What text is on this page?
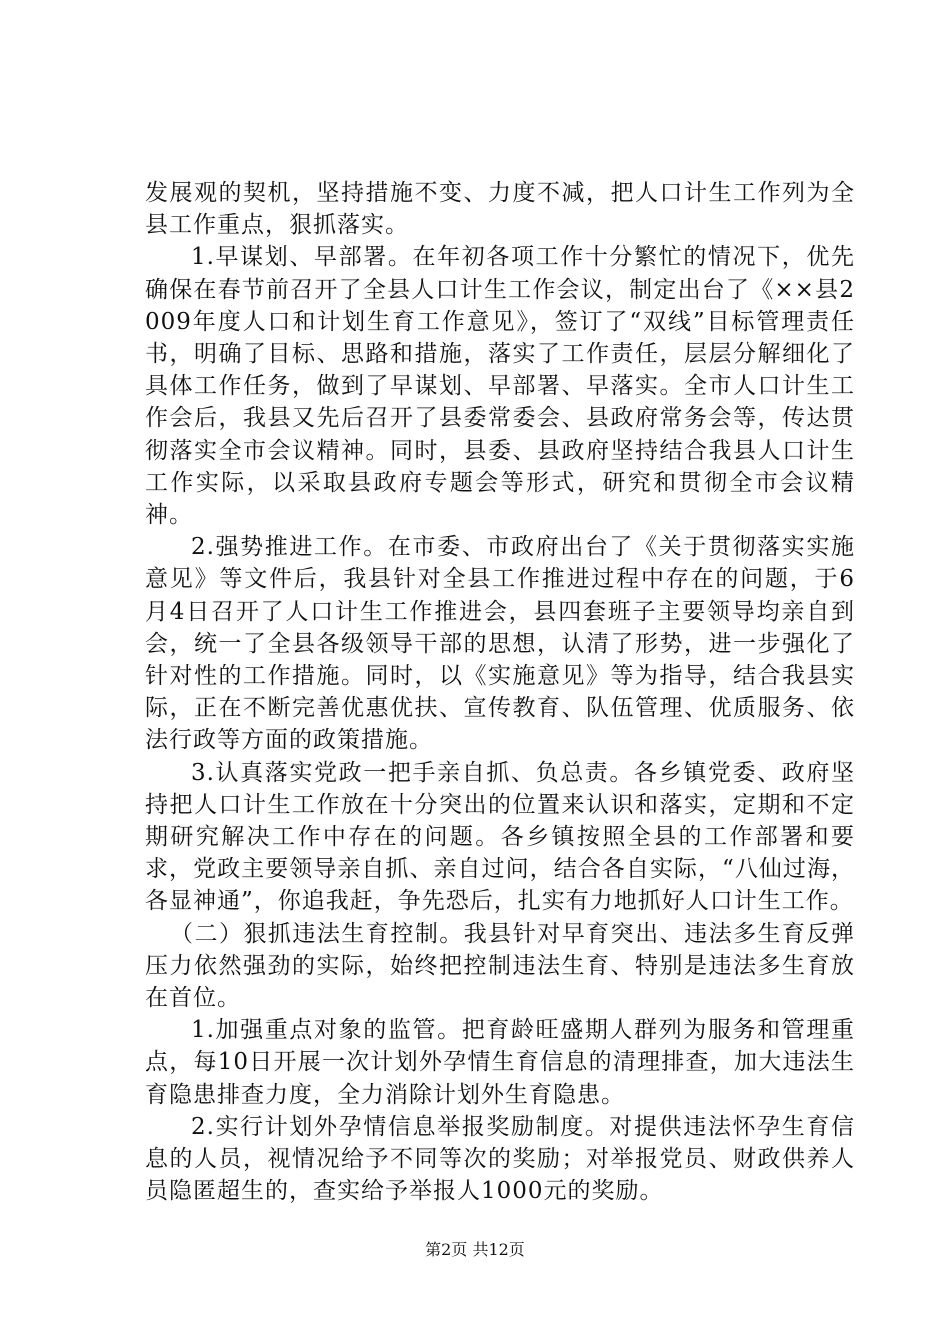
发展观的契机，坚持措施不变、力度不减，把人口计生工作列为全县工作重点，狠抓落实。

1.早谋划、早部署。在年初各项工作十分繁忙的情况下，优先确保在春节前召开了全县人口计生工作会议，制定出台了《××县2009年度人口和计划生育工作意见》，签订了“双线”目标管理责任书，明确了目标、思路和措施，落实了工作责任，层层分解细化了具体工作任务，做到了早谋划、早部署、早落实。全市人口计生工作会后，我县又先后召开了县委常委会、县政府常务会等，传达贯彻落实全市会议精神。同时，县委、县政府坚持结合我县人口计生工作实际，以采取县政府专题会等形式，研究和贯彻全市会议精神。

2.强势推进工作。在市委、市政府出台了《关于贯彻落实实施意见》等文件后，我县针对全县工作推进过程中存在的问题，于6月4日召开了人口计生工作推进会，县四套班子主要领导均亲自到会，统一了全县各级领导干部的思想，认清了形势，进一步强化了针对性的工作措施。同时，以《实施意见》等为指导，结合我县实际，正在不断完善优惠优扶、宣传教育、队伍管理、优质服务、依法行政等方面的政策措施。

3.认真落实党政一把手亲自抓、负总责。各乡镇党委、政府坚持把人口计生工作放在十分突出的位置来认识和落实，定期和不定期研究解决工作中存在的问题。各乡镇按照全县的工作部署和要求，党政主要领导亲自抓、亲自过问，结合各自实际，“八仙过海，各显神通”，你追我赶，争先恐后，扎实有力地抓好人口计生工作。

（二）狠抓违法生育控制。我县针对早育突出、违法多生育反弹压力依然强劲的实际，始终把控制违法生育、特别是违法多生育放在首位。

1.加强重点对象的监管。把育龄旺盛期人群列为服务和管理重点，每10日开展一次计划外孕情生育信息的清理排查，加大违法生育隐患排查力度，全力消除计划外生育隐患。

2.实行计划外孕情信息举报奖励制度。对提供违法怀孕生育信息的人员，视情况给予不同等次的奖励；对举报党员、财政供养人员隐匿超生的，查实给予举报人1000元的奖励。

第2页 共12页
